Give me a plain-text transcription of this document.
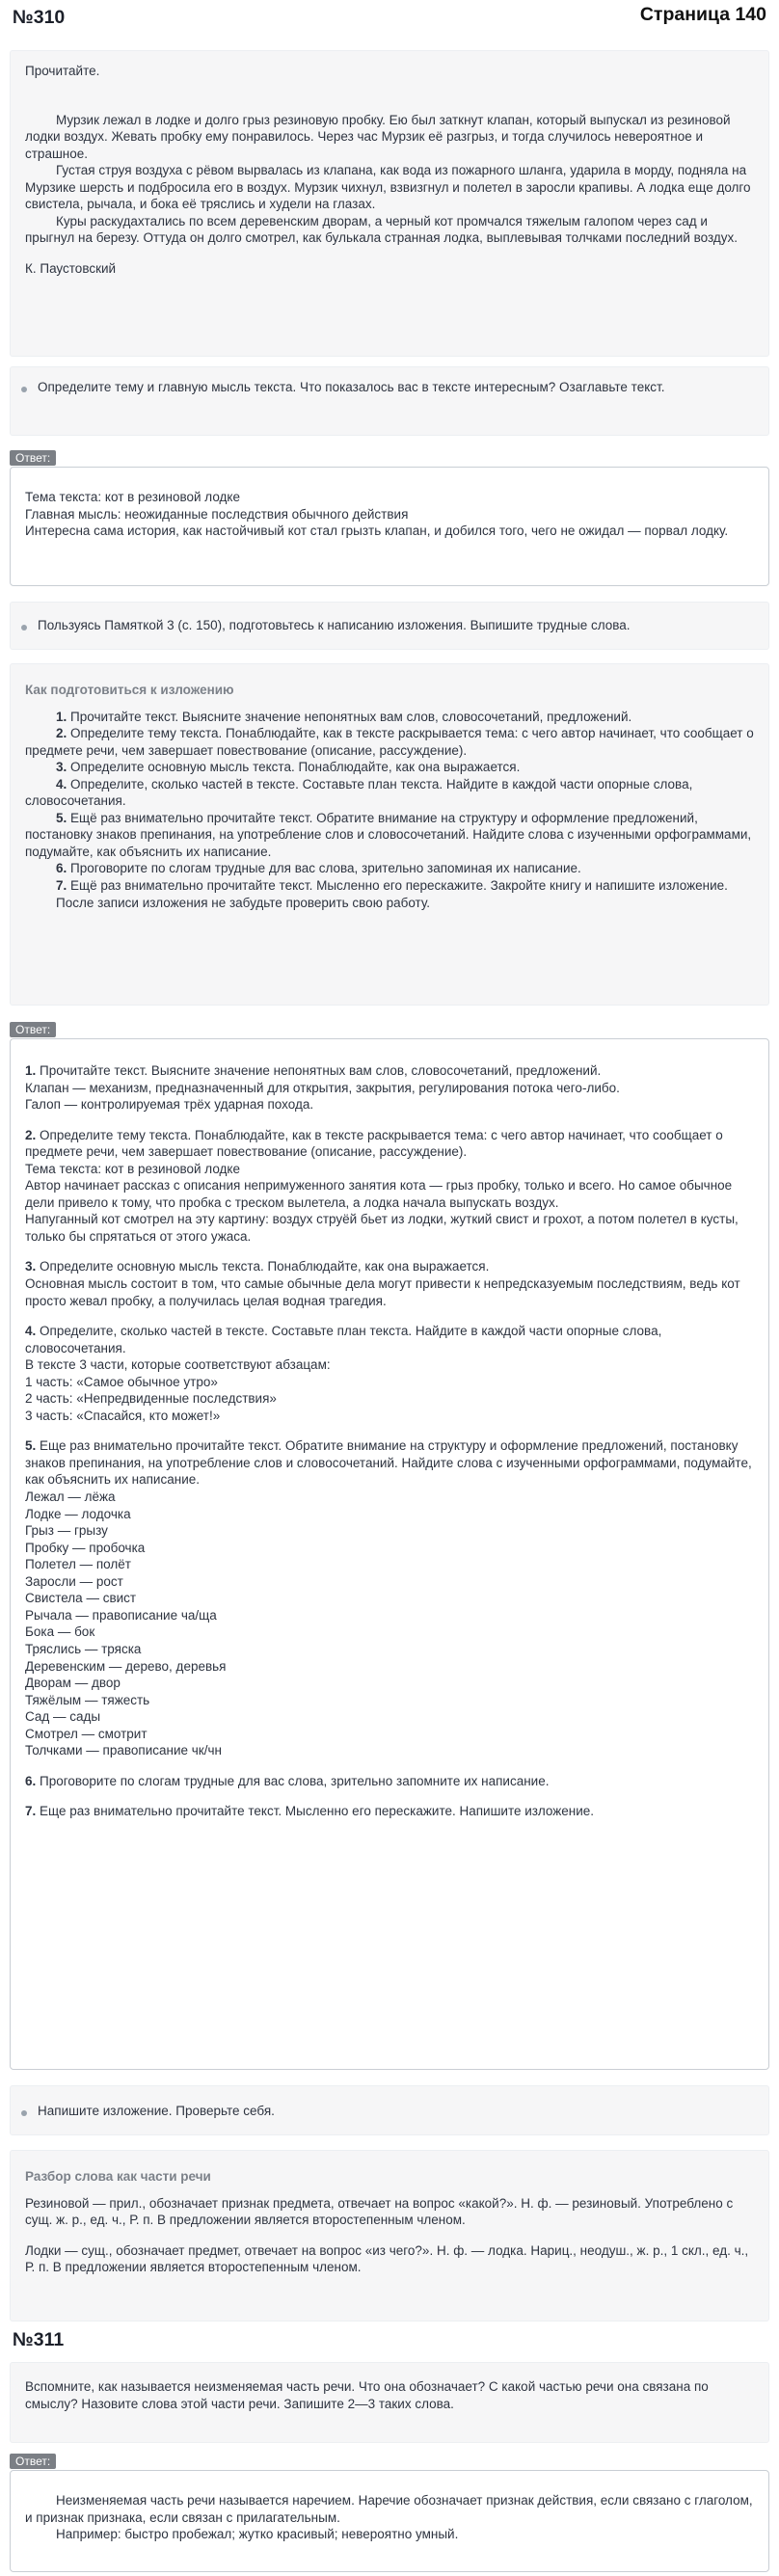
№310	Страница 140

Прочитайте.

Мурзик лежал в лодке и долго грыз резиновую пробку. Ею был заткнут клапан, который выпускал из резиновой лодки воздух. Жевать пробку ему понравилось. Через час Мурзик её разгрыз, и тогда случилось невероятное и страшное.

Густая струя воздуха с рёвом вырвалась из клапана, как вода из пожарного шланга, ударила в морду, подняла на Мурзике шерсть и подбросила его в воздух. Мурзик чихнул, взвизгнул и полетел в заросли крапивы. А лодка еще долго свистела, рычала, и бока её тряслись и худели на глазах.

Куры раскудахтались по всем деревенским дворам, а черный кот промчался тяжелым галопом через сад и прыгнул на березу. Оттуда он долго смотрел, как булькала странная лодка, выплевывая толчками последний воздух.

К. Паустовский

Определите тему и главную мысль текста. Что показалось вас в тексте интересным? Озаглавьте текст.
Ответ:

Тема текста: кот в резиновой лодке

Главная мысль: неожиданные последствия обычного действия

Интересна сама история, как настойчивый кот стал грызть клапан, и добился того, чего не ожидал — порвал лодку.

Пользуясь Памяткой 3 (с. 150), подготовьтесь к написанию изложения. Выпишите трудные слова.
Как подготовиться к изложению

1. Прочитайте текст. Выясните значение непонятных вам слов, словосочетаний, предложений.

2. Определите тему текста. Понаблюдайте, как в тексте раскрывается тема: с чего автор начинает, что сообщает о предмете речи, чем завершает повествование (описание, рассуждение).

3. Определите основную мысль текста. Понаблюдайте, как она выражается.

4. Определите, сколько частей в тексте. Составьте план текста. Найдите в каждой части опорные слова, словосочетания.

5. Ещё раз внимательно прочитайте текст. Обратите внимание на структуру и оформление предложений, постановку знаков препинания, на употребление слов и словосочетаний. Найдите слова с изученными орфограммами, подумайте, как объяснить их написание.

6. Проговорите по слогам трудные для вас слова, зрительно запоминая их написание.

7. Ещё раз внимательно прочитайте текст. Мысленно его перескажите. Закройте книгу и напишите изложение.

После записи изложения не забудьте проверить свою работу.

Ответ:

1. Прочитайте текст. Выясните значение непонятных вам слов, словосочетаний, предложений.

Клапан — механизм, предназначенный для открытия, закрытия, регулирования потока чего-либо.

Галоп — контролируемая трёх ударная похода.

2. Определите тему текста. Понаблюдайте, как в тексте раскрывается тема: с чего автор начинает, что сообщает о предмете речи, чем завершает повествование (описание, рассуждение).

Тема текста: кот в резиновой лодке

Автор начинает рассказ с описания непримуженного занятия кота — грыз пробку, только и всего. Но самое обычное дели привело к тому, что пробка с треском вылетела, а лодка начала выпускать воздух.

Напуганный кот смотрел на эту картину: воздух струёй бьет из лодки, жуткий свист и грохот, а потом полетел в кусты, только бы спрятаться от этого ужаса.

3. Определите основную мысль текста. Понаблюдайте, как она выражается.

Основная мысль состоит в том, что самые обычные дела могут привести к непредсказуемым последствиям, ведь кот просто жевал пробку, а получилась целая водная трагедия.

4. Определите, сколько частей в тексте. Составьте план текста. Найдите в каждой части опорные слова, словосочетания.

В тексте 3 части, которые соответствуют абзацам:

1 часть: «Самое обычное утро»

2 часть: «Непредвиденные последствия»

3 часть: «Спасайся, кто может!»

5. Еще раз внимательно прочитайте текст. Обратите внимание на структуру и оформление предложений, постановку знаков препинания, на употребление слов и словосочетаний. Найдите слова с изученными орфограммами, подумайте, как объяснить их написание.

Лежал — лёжа

Лодке — лодочка

Грыз — грызу

Пробку — пробочка

Полетел — полёт

Заросли — рост

Свистела — свист

Рычала — правописание ча/ща

Бока — бок

Тряслись — тряска

Деревенским — дерево, деревья

Дворам — двор

Тяжёлым — тяжесть

Сад — сады

Смотрел — смотрит

Толчками — правописание чк/чн

6. Проговорите по слогам трудные для вас слова, зрительно запомните их написание.

7. Еще раз внимательно прочитайте текст. Мысленно его перескажите. Напишите изложение.

Напишите изложение. Проверьте себя.
Разбор слова как части речи

Резиновой — прил., обозначает признак предмета, отвечает на вопрос «какой?». Н. ф. — резиновый. Употреблено с сущ. ж. р., ед. ч., Р. п. В предложении является второстепенным членом.

Лодки — сущ., обозначает предмет, отвечает на вопрос «из чего?». Н. ф. — лодка. Нариц., неодуш., ж. р., 1 скл., ед. ч., Р. п. В предложении является второстепенным членом.

№311

Вспомните, как называется неизменяемая часть речи. Что она обозначает? С какой частью речи она связана по смыслу? Назовите слова этой части речи. Запишите 2—3 таких слова.

Ответ:

Неизменяемая часть речи называется наречием. Наречие обозначает признак действия, если связано с глаголом, и признак признака, если связан с прилагательным.

Например: быстро пробежал; жутко красивый; невероятно умный.
